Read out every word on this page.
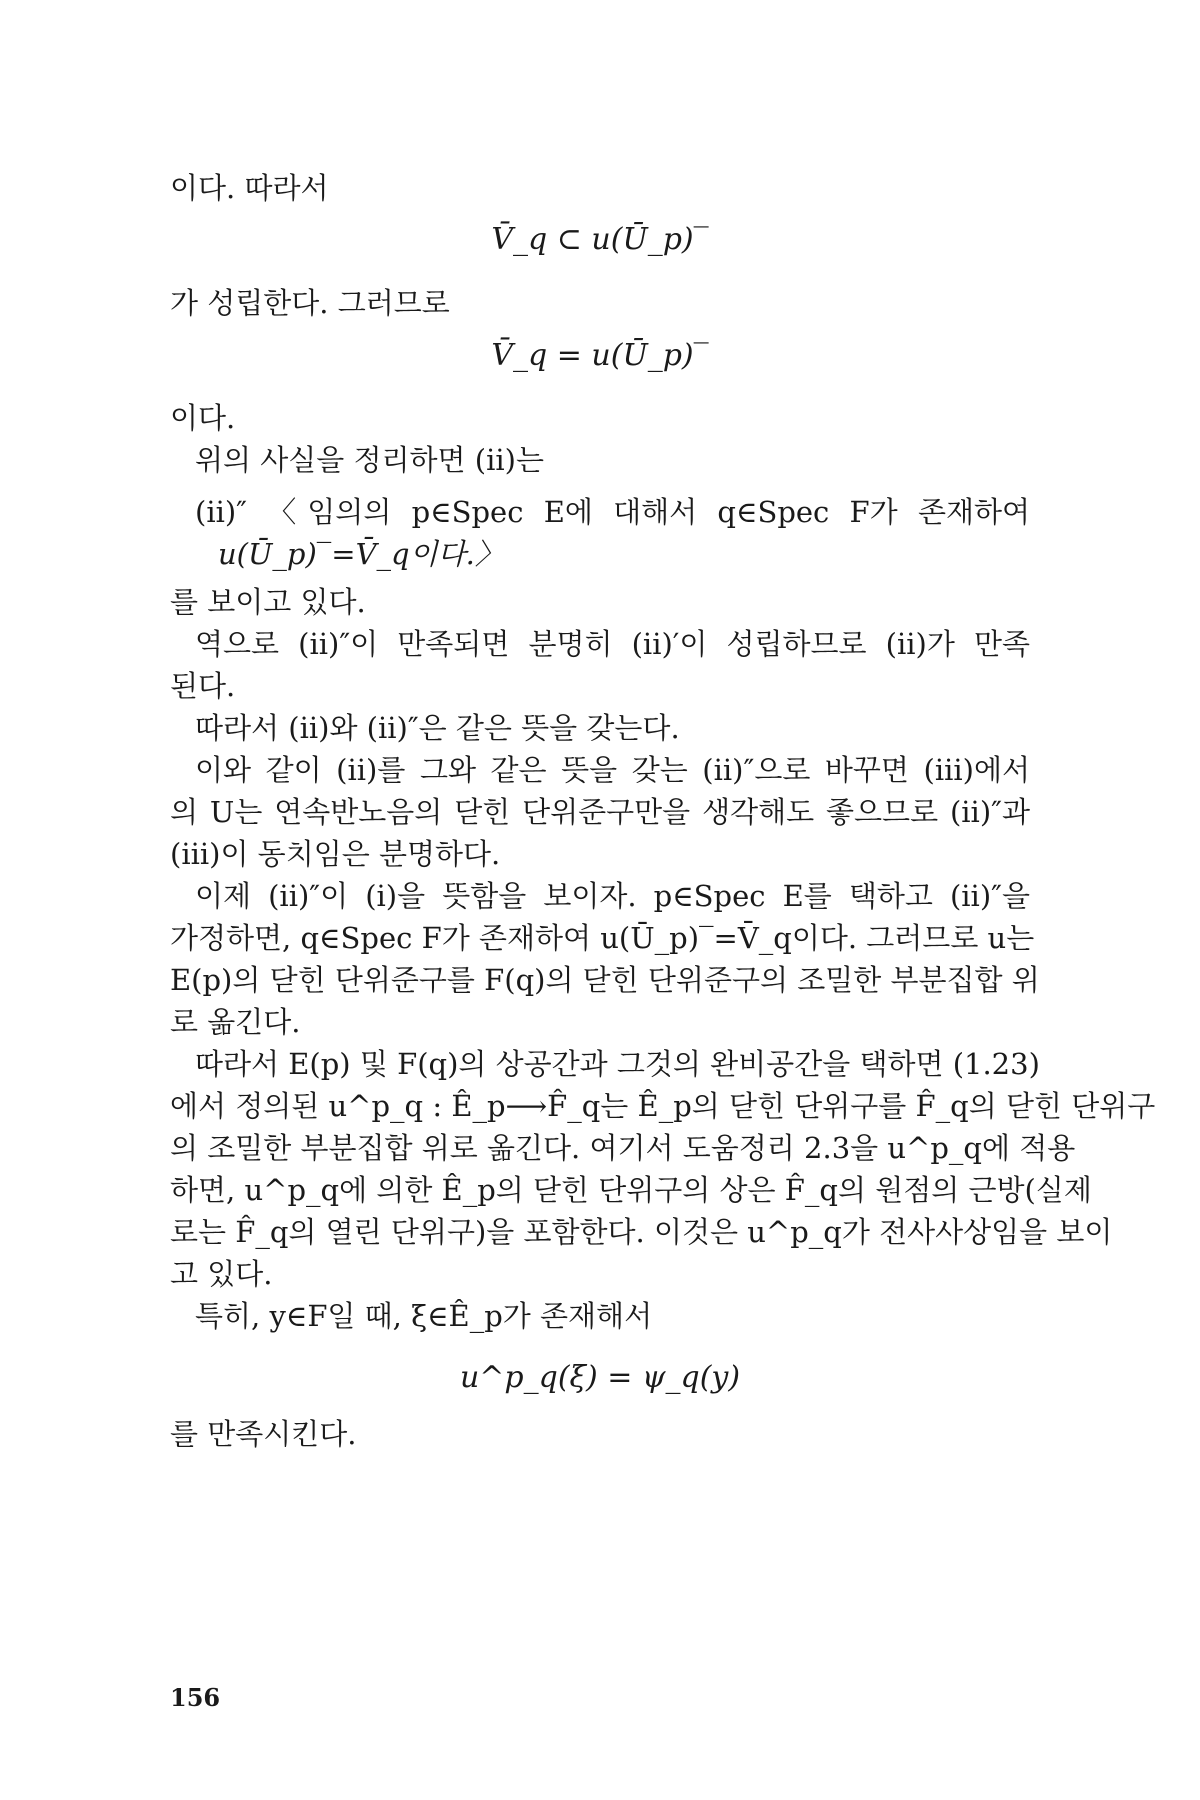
이다. 따라서
V̄_q ⊂ u(Ū_p)‾
가 성립한다. 그러므로
V̄_q = u(Ū_p)‾
이다.
위의 사실을 정리하면 (ii)는
(ii)″ 〈임의의 p∈Spec E에 대해서 q∈Spec F가 존재하여
u(Ū_p)‾=V̄_q이다.〉
를 보이고 있다.
역으로 (ii)″이 만족되면 분명히 (ii)′이 성립하므로 (ii)가 만족
된다.
따라서 (ii)와 (ii)″은 같은 뜻을 갖는다.
이와 같이 (ii)를 그와 같은 뜻을 갖는 (ii)″으로 바꾸면 (iii)에서
의 U는 연속반노음의 닫힌 단위준구만을 생각해도 좋으므로 (ii)″과
(iii)이 동치임은 분명하다.
이제 (ii)″이 (i)을 뜻함을 보이자. p∈Spec E를 택하고 (ii)″을
가정하면, q∈Spec F가 존재하여 u(Ū_p)‾=V̄_q이다. 그러므로 u는
E(p)의 닫힌 단위준구를 F(q)의 닫힌 단위준구의 조밀한 부분집합 위
로 옮긴다.
따라서 E(p) 및 F(q)의 상공간과 그것의 완비공간을 택하면 (1.23)
에서 정의된 u^p_q : Ê_p⟶F̂_q는 Ê_p의 닫힌 단위구를 F̂_q의 닫힌 단위구
의 조밀한 부분집합 위로 옮긴다. 여기서 도움정리 2.3을 u^p_q에 적용
하면, u^p_q에 의한 Ê_p의 닫힌 단위구의 상은 F̂_q의 원점의 근방(실제
로는 F̂_q의 열린 단위구)을 포함한다. 이것은 u^p_q가 전사사상임을 보이
고 있다.
특히, y∈F일 때, ξ∈Ê_p가 존재해서
u^p_q(ξ) = ψ_q(y)
를 만족시킨다.
156
